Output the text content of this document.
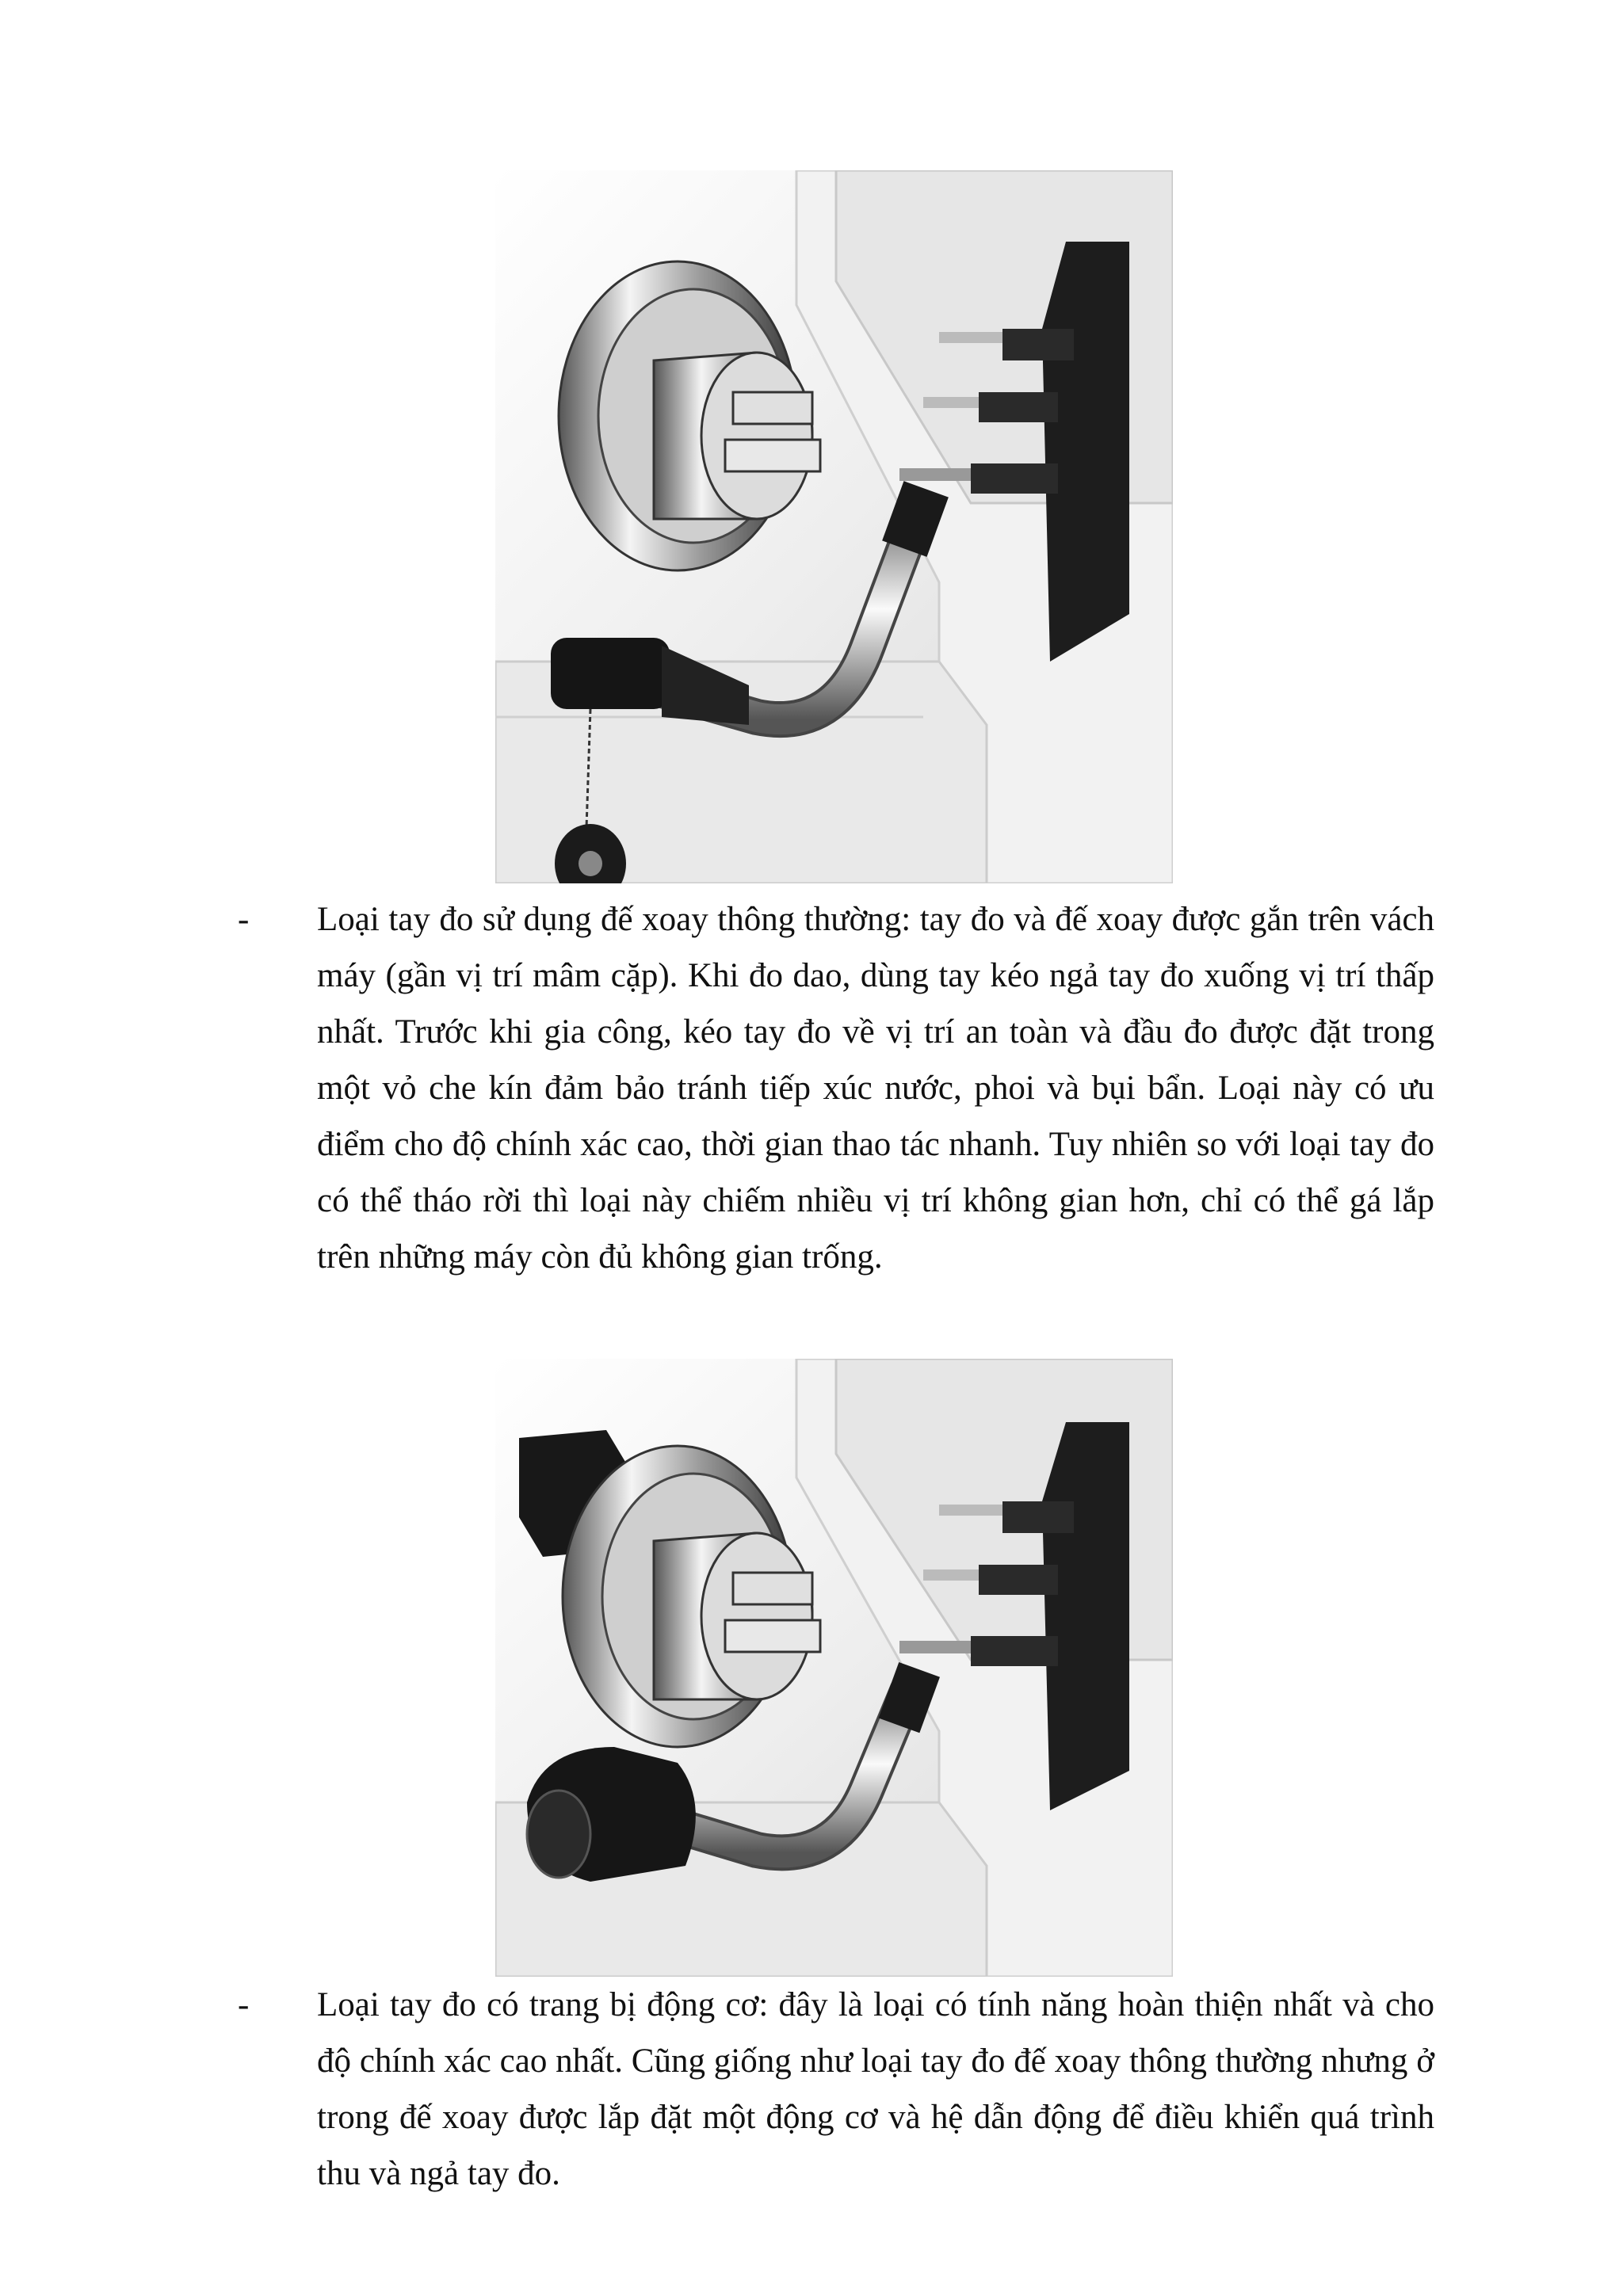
- Loại tay đo sử dụng đế xoay thông thường: tay đo và đế xoay được gắn trên vách máy (gần vị trí mâm cặp). Khi đo dao, dùng tay kéo ngả tay đo xuống vị trí thấp nhất. Trước khi gia công, kéo tay đo về vị trí an toàn và đầu đo được đặt trong một vỏ che kín đảm bảo tránh tiếp xúc nước, phoi và bụi bẩn. Loại này có ưu điểm cho độ chính xác cao, thời gian thao tác nhanh. Tuy nhiên so với loại tay đo có thể tháo rời thì loại này chiếm nhiều vị trí không gian hơn, chỉ có thể gá lắp trên những máy còn đủ không gian trống.

- Loại tay đo có trang bị động cơ: đây là loại có tính năng hoàn thiện nhất và cho độ chính xác cao nhất. Cũng giống như loại tay đo đế xoay thông thường nhưng ở trong đế xoay được lắp đặt một động cơ và hệ dẫn động để điều khiển quá trình thu và ngả tay đo.
